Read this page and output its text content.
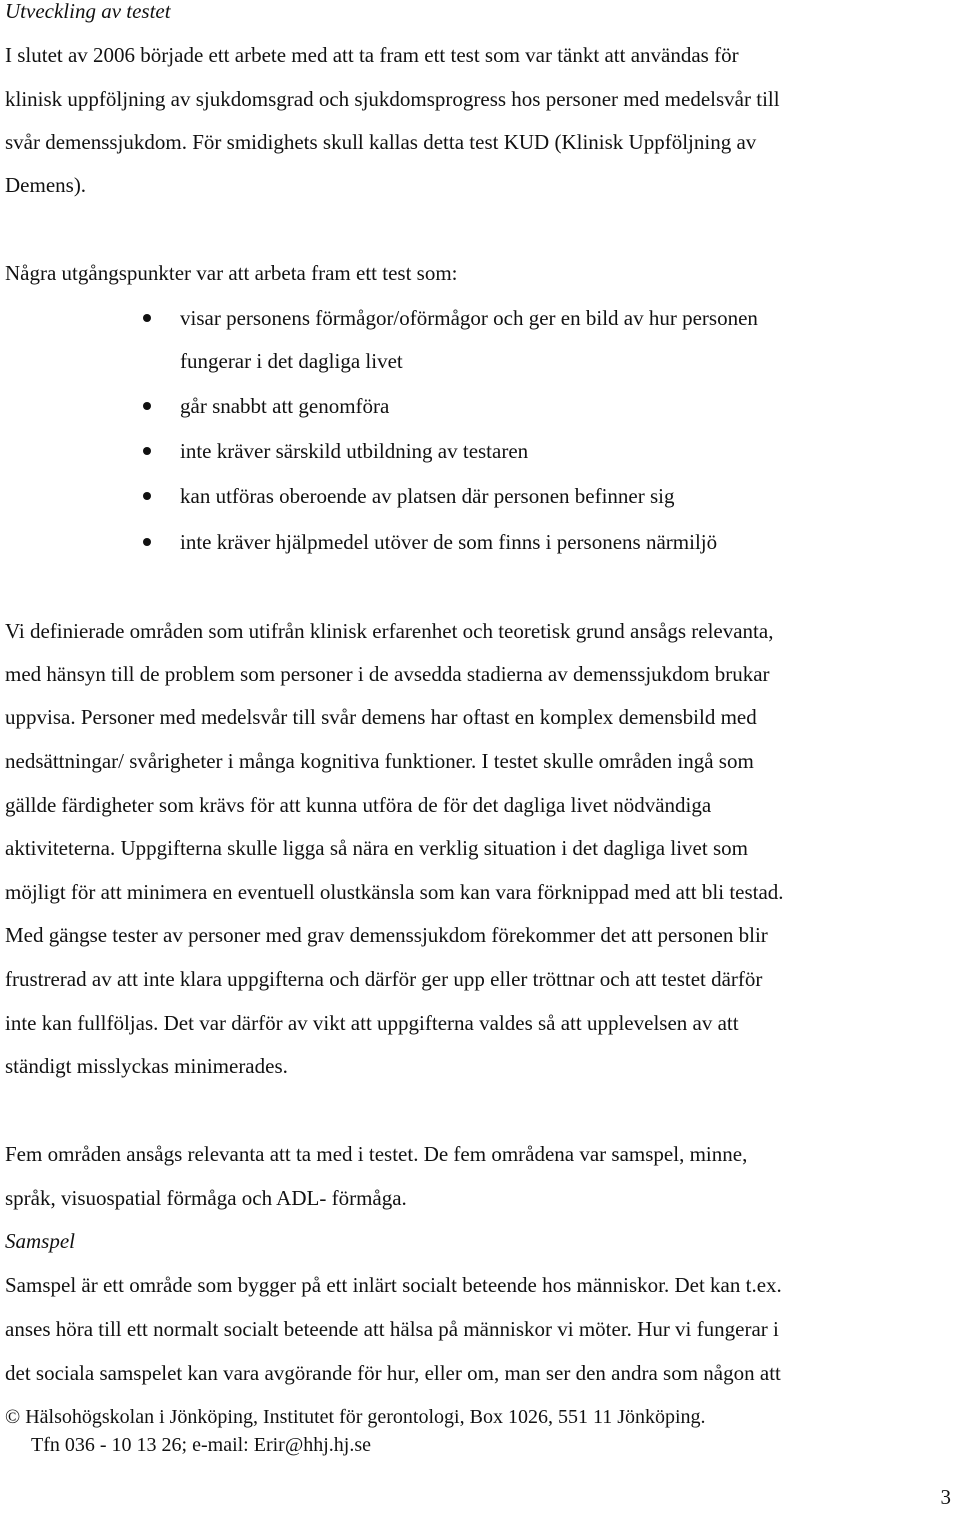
Utveckling av testet
I slutet av 2006 började ett arbete med att ta fram ett test som var tänkt att användas för
klinisk uppföljning av sjukdomsgrad och sjukdomsprogress hos personer med medelsvår till
svår demenssjukdom. För smidighets skull kallas detta test KUD (Klinisk Uppföljning av
Demens).
Några utgångspunkter var att arbeta fram ett test som:
visar personens förmågor/oförmågor och ger en bild av hur personen
fungerar i det dagliga livet
går snabbt att genomföra
inte kräver särskild utbildning av testaren
kan utföras oberoende av platsen där personen befinner sig
inte kräver hjälpmedel utöver de som finns i personens närmiljö
Vi definierade områden som utifrån klinisk erfarenhet och teoretisk grund ansågs relevanta,
med hänsyn till de problem som personer i de avsedda stadierna av demenssjukdom brukar
uppvisa. Personer med medelsvår till svår demens har oftast en komplex demensbild med
nedsättningar/ svårigheter i många kognitiva funktioner. I testet skulle områden ingå som
gällde färdigheter som krävs för att kunna utföra de för det dagliga livet nödvändiga
aktiviteterna. Uppgifterna skulle ligga så nära en verklig situation i det dagliga livet som
möjligt för att minimera en eventuell olustkänsla som kan vara förknippad med att bli testad.
Med gängse tester av personer med grav demenssjukdom förekommer det att personen blir
frustrerad av att inte klara uppgifterna och därför ger upp eller tröttnar och att testet därför
inte kan fullföljas. Det var därför av vikt att uppgifterna valdes så att upplevelsen av att
ständigt misslyckas minimerades.
Fem områden ansågs relevanta att ta med i testet. De fem områdena var samspel, minne,
språk, visuospatial förmåga och ADL- förmåga.
Samspel
Samspel är ett område som bygger på ett inlärt socialt beteende hos människor. Det kan t.ex.
anses höra till ett normalt socialt beteende att hälsa på människor vi möter. Hur vi fungerar i
det sociala samspelet kan vara avgörande för hur, eller om, man ser den andra som någon att
© Hälsohögskolan i Jönköping, Institutet för gerontologi, Box 1026, 551 11 Jönköping.
Tfn 036 - 10 13 26; e-mail: Erir@hhj.hj.se
3
